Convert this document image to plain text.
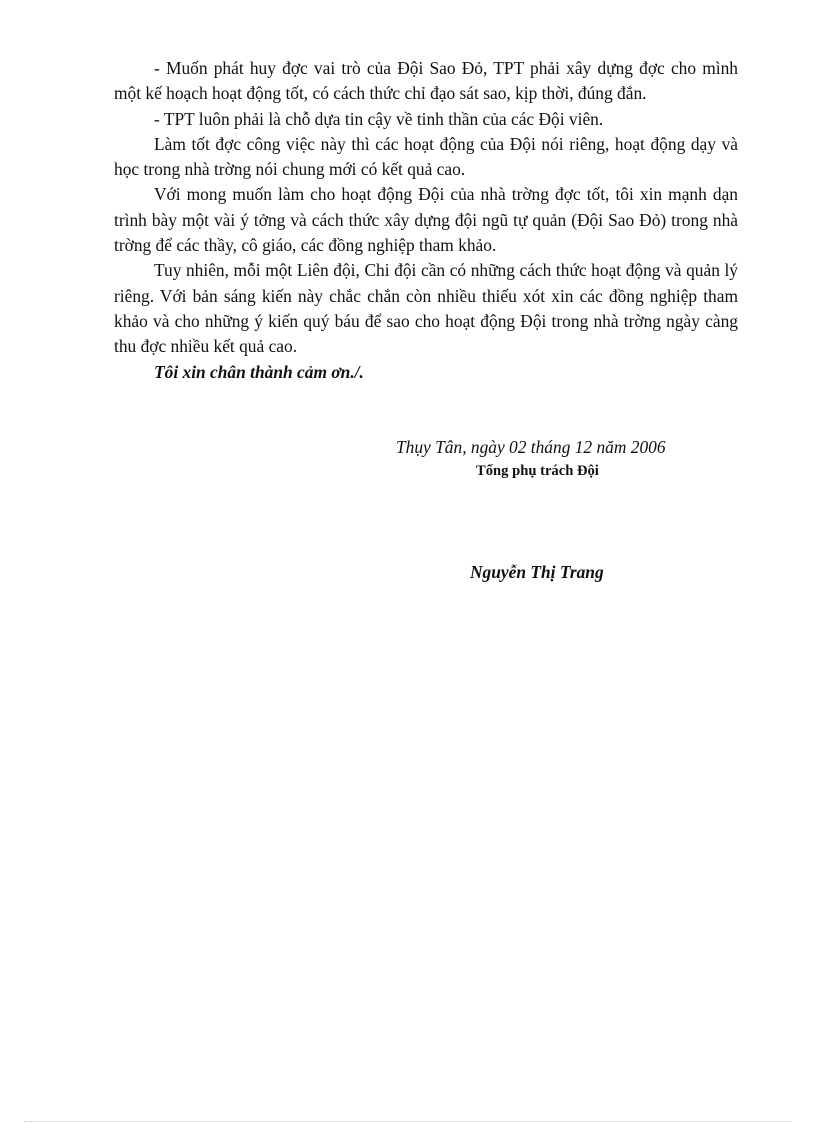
- Muốn phát huy đợc vai trò của Đội Sao Đỏ, TPT phải xây dựng đợc cho mình một kế hoạch hoạt động tốt, có cách thức chỉ đạo sát sao, kịp thời, đúng đắn.

- TPT luôn phải là chỗ dựa tin cậy về tinh thần của các Đội viên.

Làm tốt đợc công việc này thì các hoạt động của Đội nói riêng, hoạt động dạy và học trong nhà trờng nói chung mới có kết quả cao.

Với mong muốn làm cho hoạt động Đội của nhà trờng đợc tốt, tôi xin mạnh dạn trình bày một vài ý tởng và cách thức xây dựng đội ngũ tự quản (Đội Sao Đỏ) trong nhà trờng để các thầy, cô giáo, các đồng nghiệp tham khảo.

Tuy nhiên, mỗi một Liên đội, Chi đội cần có những cách thức hoạt động và quản lý riêng. Với bản sáng kiến này chắc chắn còn nhiều thiếu xót xin các đồng nghiệp tham khảo và cho những ý kiến quý báu để sao cho hoạt động Đội trong nhà trờng ngày càng thu đợc nhiều kết quả cao.

Tôi xin chân thành cảm ơn./.

Thụy Tân, ngày 02 tháng 12 năm 2006
Tổng phụ trách Đội
Nguyễn Thị Trang
